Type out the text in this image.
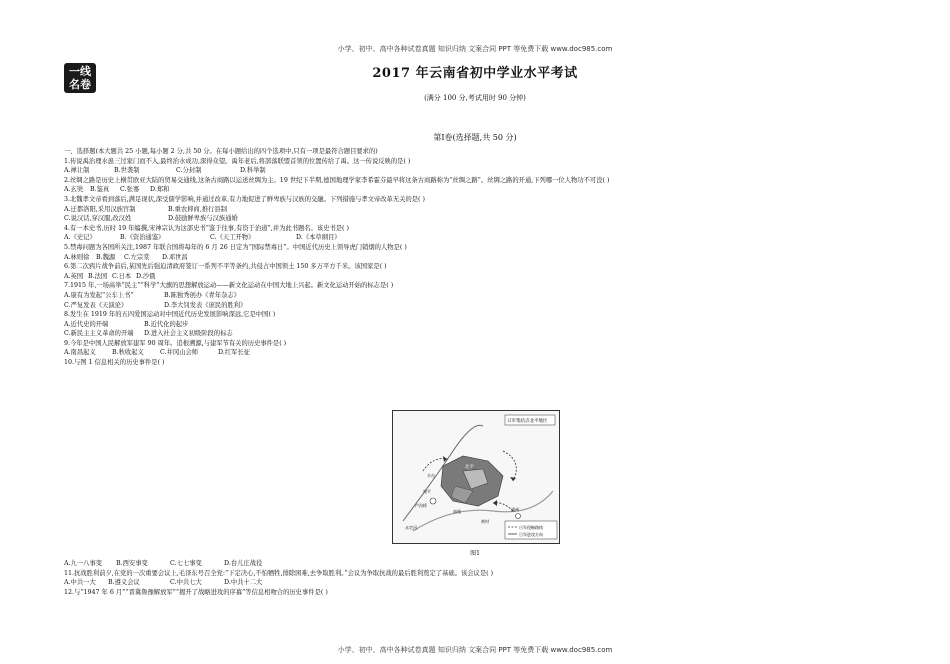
小学、初中、高中各种试卷真题 知识归纳 文案合同 PPT 等免费下载 www.doc985.com
一线
名卷
2017 年云南省初中学业水平考试
(满分 100 分,考试用时 90 分钟)
第Ⅰ卷(选择题,共 50 分)
一、选择题(本大题共 25 小题,每小题 2 分,共 50 分。在每小题给出的四个选项中,只有一项是最符合题目要求的)
1.传说禹治理水患三过家门而不入,最终治水成功,深得众望。禹年老后,将部落联盟首领的位置传给了禹。这一传说反映的是( )
A.禅让制	B.世袭制	C.分封制	D.科举制
2.丝绸之路是历史上横贯欧亚大陆的贸易交通线,这条古商路以运送丝绸为主。19 世纪下半期,德国地理学家李希霍芬最早将这条古商路称为“丝绸之路”。丝绸之路的开通,下列哪一位人物功不可没( )
A.玄奘 B.鉴真 C.张骞 D.郑和
3.北魏孝文帝看到落后,满足现状,深受儒学影响,并通过改革,有力地促进了鲜卑族与汉族的交融。下列措施与孝文帝改革无关的是( )
A.迁都洛阳,采用汉族官制	B.重农抑商,推行县制
C.说汉话,穿汉服,改汉姓	D.鼓励鲜卑族与汉族通婚
4.有一本史书,历时 19 年编撰,宋神宗认为这部史书“鉴于往事,有资于治道”,并为此书题名。该史书是( )
A.《史记》	B.《资治通鉴》	C.《天工开物》	D.《本草纲目》
5.禁毒问题为各国所关注,1987 年联合国将每年的 6 月 26 日定为“国际禁毒日”。中国近代历史上领导虎门销烟的人物是( )
A.林则徐 B.魏源 C.左宗棠 D.邓世昌
6.第二次鸦片战争前后,某国先后强迫清政府签订一系列不平等条约,共侵占中国领土 150 多万平方千米。该国家是( )
A.英国 B.法国 C.日本 D.沙俄
7.1915 年,一场高举“民主”“科学”大旗的思想解放运动——新文化运动在中国大地上兴起。新文化运动开始的标志是( )
A.康有为发起“公车上书”	B.陈独秀创办《青年杂志》
C.严复发表《天演论》	D.李大钊发表《庶民的胜利》
8.发生在 1919 年的五四爱国运动对中国近代历史发展影响深远,它是中国( )
A.近代史的开端	B.近代化的起步
C.新民主主义革命的开端 D.进入社会主义初级阶段的标志
9.今年是中国人民解放军建军 90 周年。追根溯源,与建军节有关的历史事件是( )
A.南昌起义	B.秋收起义	C.井冈山会师	D.红军长征
10.与图 1 信息相关的历史事件是( )
日军集结点北平地区
日军侵略路线
日军进攻方向
北平
南苑
卢沟桥
宛平
丰台
通州
永定河
黄村
图1
A.九一八事变 B.西安事变	C.七七事变	D.台儿庄战役
11.抗战胜利前夕,在党的一次重要会议上,毛泽东号召全党:“下定决心,不怕牺牲,排除困难,去争取胜利。”会议为争取抗战的最后胜利奠定了基础。该会议是( )
A.中共一大 B.遵义会议	C.中共七大	D.中共十二大
12.与“1947 年 6 月”“晋冀鲁豫解放军”“揭开了战略进攻的序幕”等信息相吻合的历史事件是( )
小学、初中、高中各种试卷真题 知识归纳 文案合同 PPT 等免费下载 www.doc985.com
